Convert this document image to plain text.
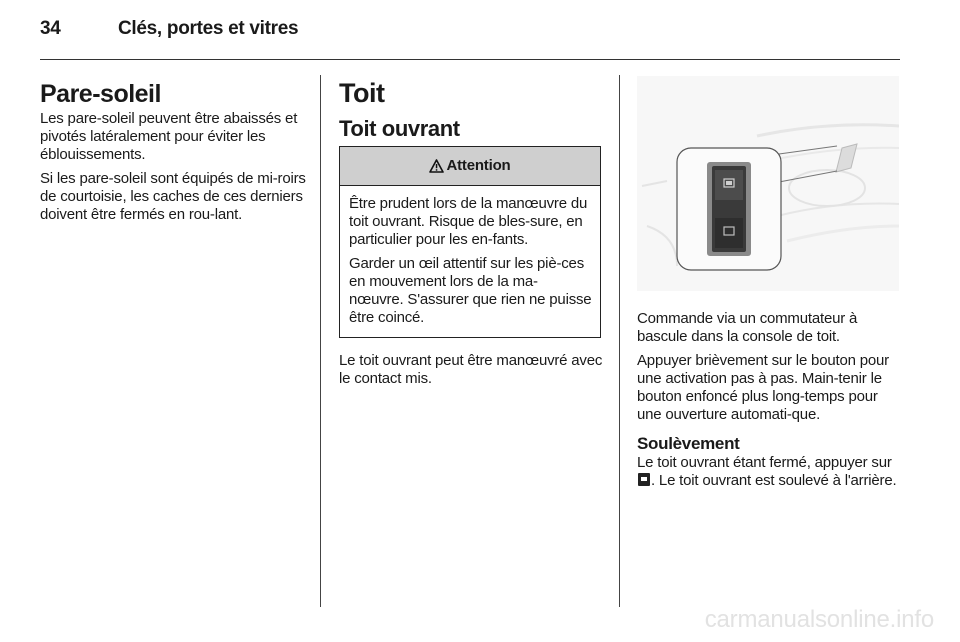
34	Clés, portes et vitres
Pare-soleil

Les pare-soleil peuvent être abaissés et pivotés latéralement pour éviter les éblouissements.

Si les pare-soleil sont équipés de mi-roirs de courtoisie, les caches de ces derniers doivent être fermés en rou-lant.

Toit
Toit ouvrant
Attention

Être prudent lors de la manœuvre du toit ouvrant. Risque de bles-sure, en particulier pour les en-fants.

Garder un œil attentif sur les piè-ces en mouvement lors de la ma-nœuvre. S'assurer que rien ne puisse être coincé.

Le toit ouvrant peut être manœuvré avec le contact mis.

Commande via un commutateur à bascule dans la console de toit.

Appuyer brièvement sur le bouton pour une activation pas à pas. Main-tenir le bouton enfoncé plus long-temps pour une ouverture automati-que.

Soulèvement

Le toit ouvrant étant fermé, appuyer sur . Le toit ouvrant est soulevé à l'arrière.

carmanualsonline.info
